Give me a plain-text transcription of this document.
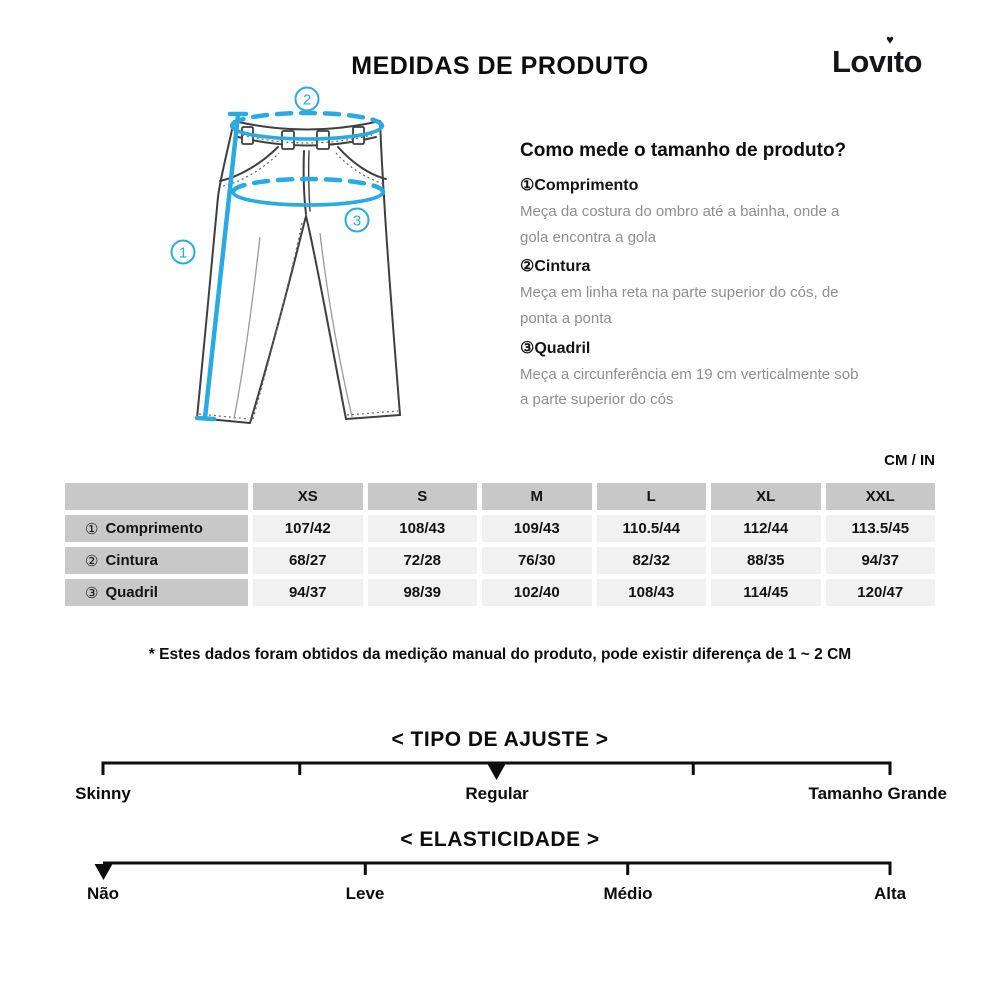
MEDIDAS DE PRODUTO	Lovı
♥
to
1
2
3
Como mede o tamanho de produto?
①Comprimento
Meça da costura do ombro até a bainha, onde a gola encontra a gola
②Cintura
Meça em linha reta na parte superior do cós, de ponta a ponta
③Quadril
Meça a circunferência em 19 cm verticalmente sob a parte superior do cós
CM / IN
XS	S	M	L	XL	XXL
① Comprimento	107/42	108/43	109/43	110.5/44	112/44	113.5/45
② Cintura	68/27	72/28	76/30	82/32	88/35	94/37
③ Quadril	94/37	98/39	102/40	108/43	114/45	120/47
* Estes dados foram obtidos da medição manual do produto, pode existir diferença de 1 ~ 2 CM
< TIPO DE AJUSTE >
Skinny	Regular	Tamanho Grande
< ELASTICIDADE >
Não	Leve	Médio	Alta
